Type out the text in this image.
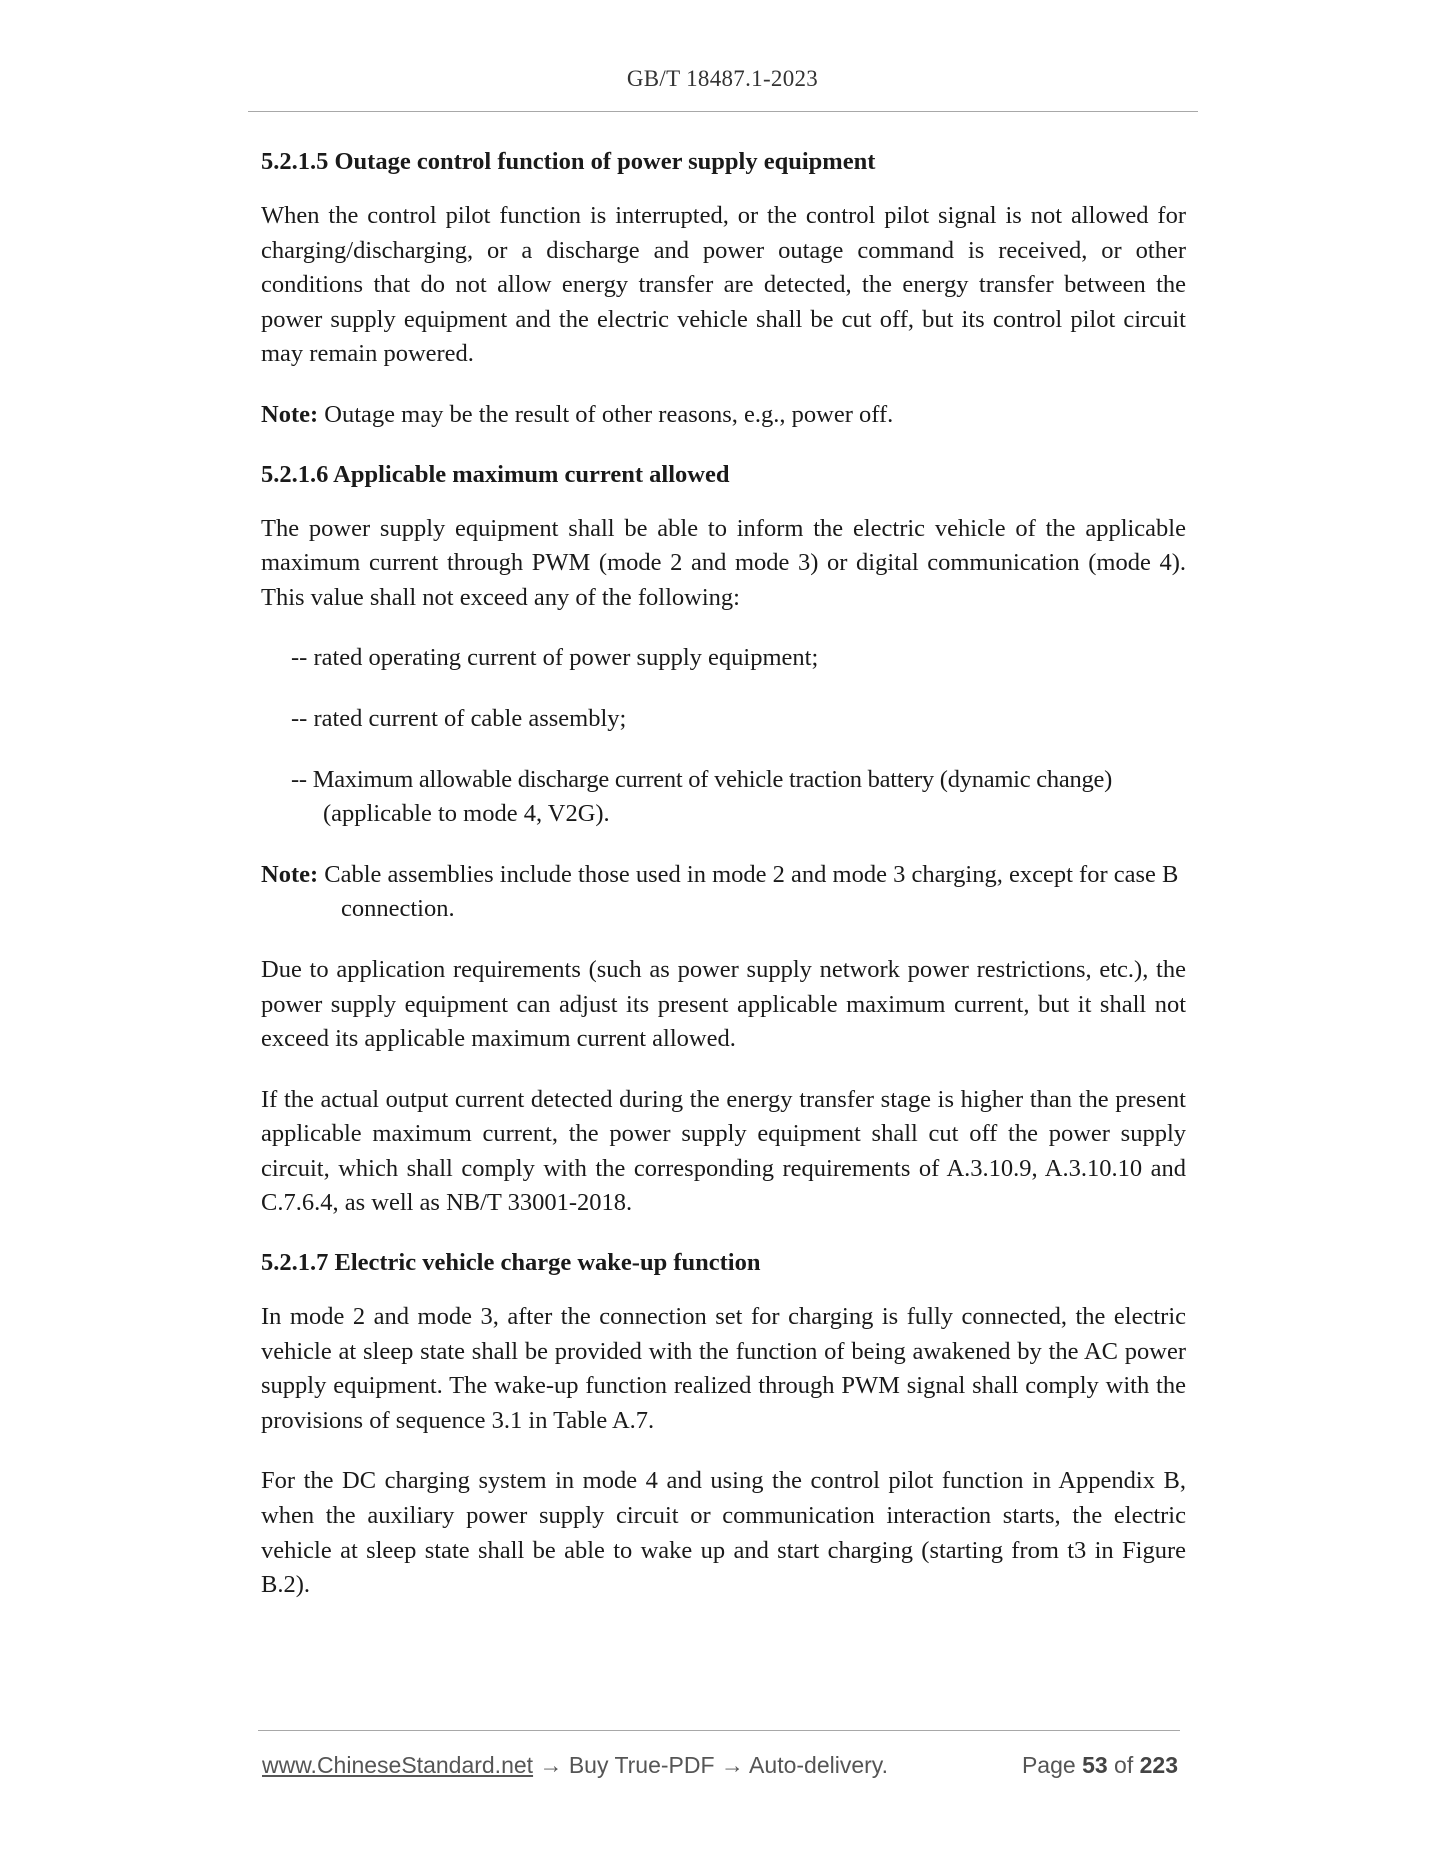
GB/T 18487.1-2023
5.2.1.5 Outage control function of power supply equipment

When the control pilot function is interrupted, or the control pilot signal is not allowed for charging/discharging, or a discharge and power outage command is received, or other conditions that do not allow energy transfer are detected, the energy transfer between the power supply equipment and the electric vehicle shall be cut off, but its control pilot circuit may remain powered.

Note: Outage may be the result of other reasons, e.g., power off.

5.2.1.6 Applicable maximum current allowed

The power supply equipment shall be able to inform the electric vehicle of the applicable maximum current through PWM (mode 2 and mode 3) or digital communication (mode 4). This value shall not exceed any of the following:

-- rated operating current of power supply equipment;

-- rated current of cable assembly;

-- Maximum allowable discharge current of vehicle traction battery (dynamic change)

(applicable to mode 4, V2G).

Note: Cable assemblies include those used in mode 2 and mode 3 charging, except for case B connection.

Due to application requirements (such as power supply network power restrictions, etc.), the power supply equipment can adjust its present applicable maximum current, but it shall not exceed its applicable maximum current allowed.

If the actual output current detected during the energy transfer stage is higher than the present applicable maximum current, the power supply equipment shall cut off the power supply circuit, which shall comply with the corresponding requirements of A.3.10.9, A.3.10.10 and C.7.6.4, as well as NB/T 33001-2018.

5.2.1.7 Electric vehicle charge wake-up function

In mode 2 and mode 3, after the connection set for charging is fully connected, the electric vehicle at sleep state shall be provided with the function of being awakened by the AC power supply equipment. The wake-up function realized through PWM signal shall comply with the provisions of sequence 3.1 in Table A.7.

For the DC charging system in mode 4 and using the control pilot function in Appendix B, when the auxiliary power supply circuit or communication interaction starts, the electric vehicle at sleep state shall be able to wake up and start charging (starting from t3 in Figure B.2).

www.ChineseStandard.net → Buy True-PDF → Auto-delivery.	Page 53 of 223
